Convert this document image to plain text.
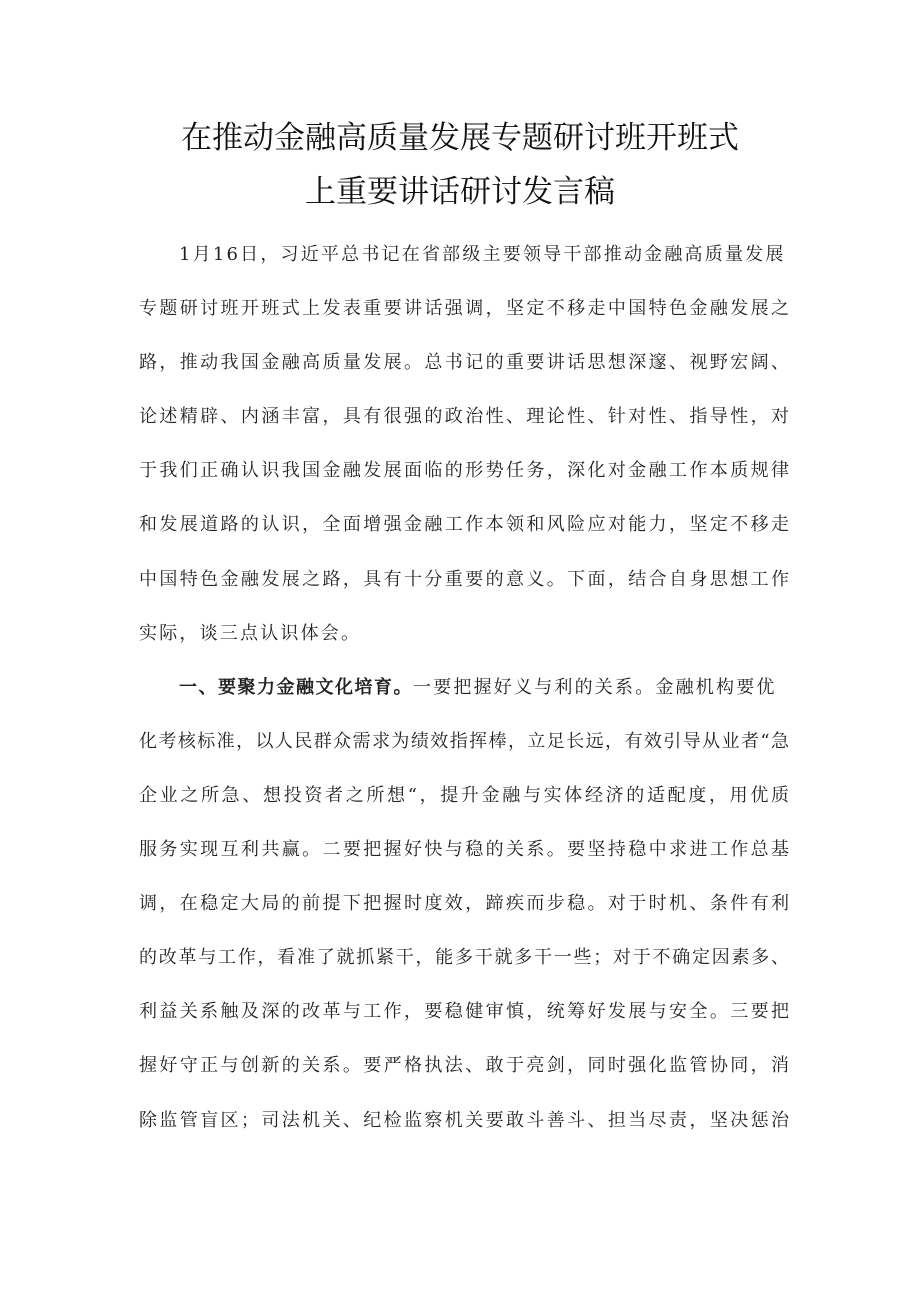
在推动金融高质量发展专题研讨班开班式
上重要讲话研讨发言稿
1月16日，习近平总书记在省部级主要领导干部推动金融高质量发展
专题研讨班开班式上发表重要讲话强调，坚定不移走中国特色金融发展之
路，推动我国金融高质量发展。总书记的重要讲话思想深邃、视野宏阔、
论述精辟、内涵丰富，具有很强的政治性、理论性、针对性、指导性，对
于我们正确认识我国金融发展面临的形势任务，深化对金融工作本质规律
和发展道路的认识，全面增强金融工作本领和风险应对能力，坚定不移走
中国特色金融发展之路，具有十分重要的意义。下面，结合自身思想工作
实际，谈三点认识体会。
一、要聚力金融文化培育。一要把握好义与利的关系。金融机构要优
化考核标准，以人民群众需求为绩效指挥棒，立足长远，有效引导从业者“急
企业之所急、想投资者之所想“，提升金融与实体经济的适配度，用优质
服务实现互利共赢。二要把握好快与稳的关系。要坚持稳中求进工作总基
调，在稳定大局的前提下把握时度效，蹄疾而步稳。对于时机、条件有利
的改革与工作，看准了就抓紧干，能多干就多干一些；对于不确定因素多、
利益关系触及深的改革与工作，要稳健审慎，统筹好发展与安全。三要把
握好守正与创新的关系。要严格执法、敢于亮剑，同时强化监管协同，消
除监管盲区；司法机关、纪检监察机关要敢斗善斗、担当尽责，坚决惩治
